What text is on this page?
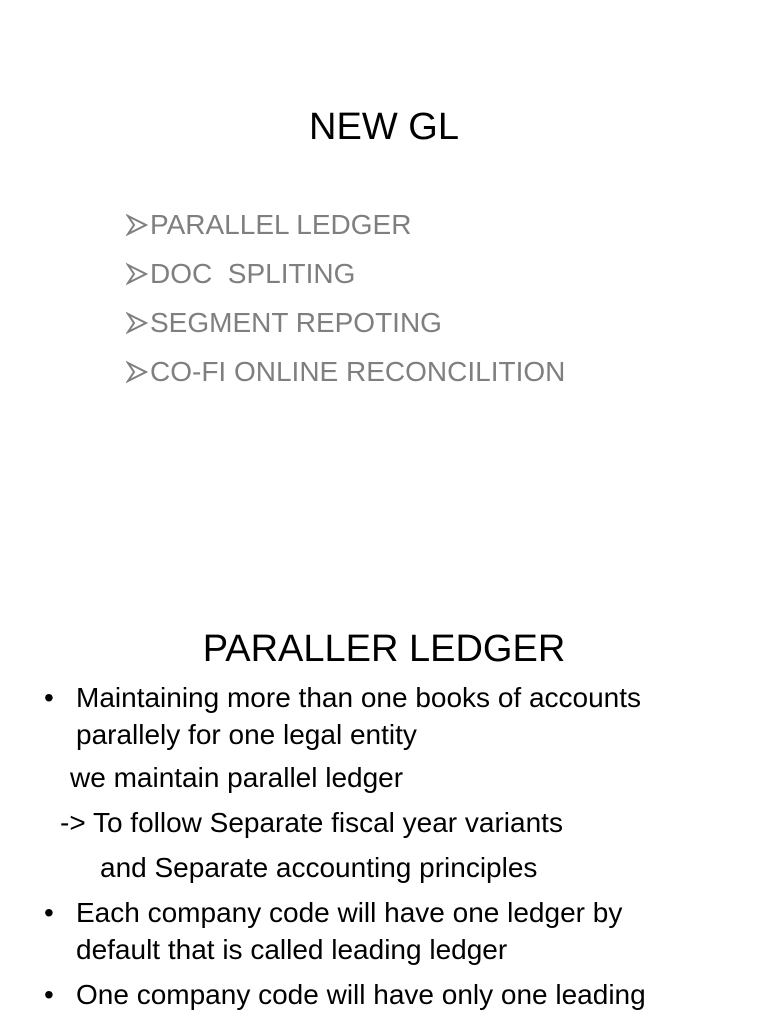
NEW GL
PARALLEL LEDGER
DOC  SPLITING
SEGMENT REPOTING
CO-FI ONLINE RECONCILITION
PARALLER LEDGER
• Maintaining more than one books of accounts
parallely for one legal entity
we maintain parallel ledger
-> To follow Separate fiscal year variants
and Separate accounting principles
• Each company code will have one ledger by
default that is called leading ledger
• One company code will have only one leading
